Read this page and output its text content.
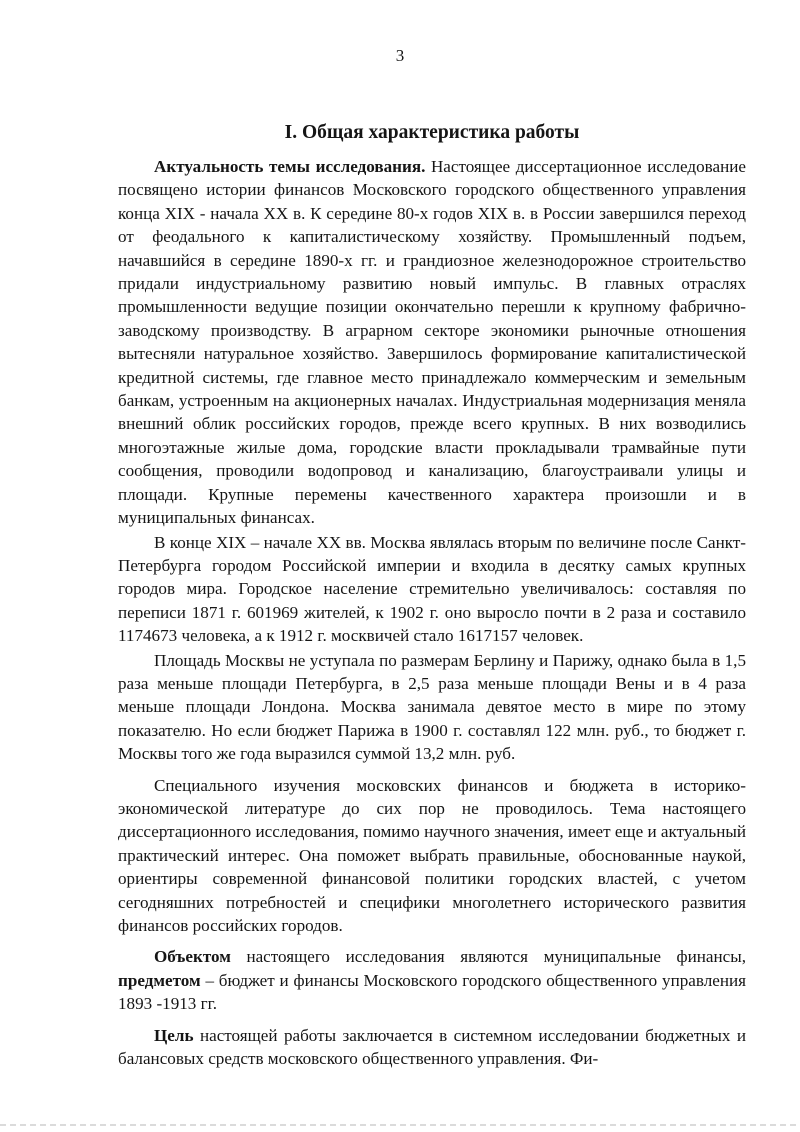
3
I. Общая характеристика работы

Актуальность темы исследования. Настоящее диссертационное исследование посвящено истории финансов Московского городского общественного управления конца XIX - начала XX в. К середине 80-х годов XIX в. в России завершился переход от феодального к капиталистическому хозяйству. Промышленный подъем, начавшийся в середине 1890-х гг. и грандиозное железнодорожное строительство придали индустриальному развитию новый импульс. В главных отраслях промышленности ведущие позиции окончательно перешли к крупному фабрично-заводскому производству. В аграрном секторе экономики рыночные отношения вытесняли натуральное хозяйство. Завершилось формирование капиталистической кредитной системы, где главное место принадлежало коммерческим и земельным банкам, устроенным на акционерных началах. Индустриальная модернизация меняла внешний облик российских городов, прежде всего крупных. В них возводились многоэтажные жилые дома, городские власти прокладывали трамвайные пути сообщения, проводили водопровод и канализацию, благоустраивали улицы и площади. Крупные перемены качественного характера произошли и в муниципальных финансах.

В конце XIX – начале XX вв. Москва являлась вторым по величине после Санкт-Петербурга городом Российской империи и входила в десятку самых крупных городов мира. Городское население стремительно увеличивалось: составляя по переписи 1871 г. 601969 жителей, к 1902 г. оно выросло почти в 2 раза и составило 1174673 человека, а к 1912 г. москвичей стало 1617157 человек.

Площадь Москвы не уступала по размерам Берлину и Парижу, однако была в 1,5 раза меньше площади Петербурга, в 2,5 раза меньше площади Вены и в 4 раза меньше площади Лондона. Москва занимала девятое место в мире по этому показателю. Но если бюджет Парижа в 1900 г. составлял 122 млн. руб., то бюджет г. Москвы того же года выразился суммой 13,2 млн. руб.

Специального изучения московских финансов и бюджета в историко-экономической литературе до сих пор не проводилось. Тема настоящего диссертационного исследования, помимо научного значения, имеет еще и актуальный практический интерес. Она поможет выбрать правильные, обоснованные наукой, ориентиры современной финансовой политики городских властей, с учетом сегодняшних потребностей и специфики многолетнего исторического развития финансов российских городов.

Объектом настоящего исследования являются муниципальные финансы, предметом – бюджет и финансы Московского городского общественного управления 1893 -1913 гг.

Цель настоящей работы заключается в системном исследовании бюджетных и балансовых средств московского общественного управления. Фи-
